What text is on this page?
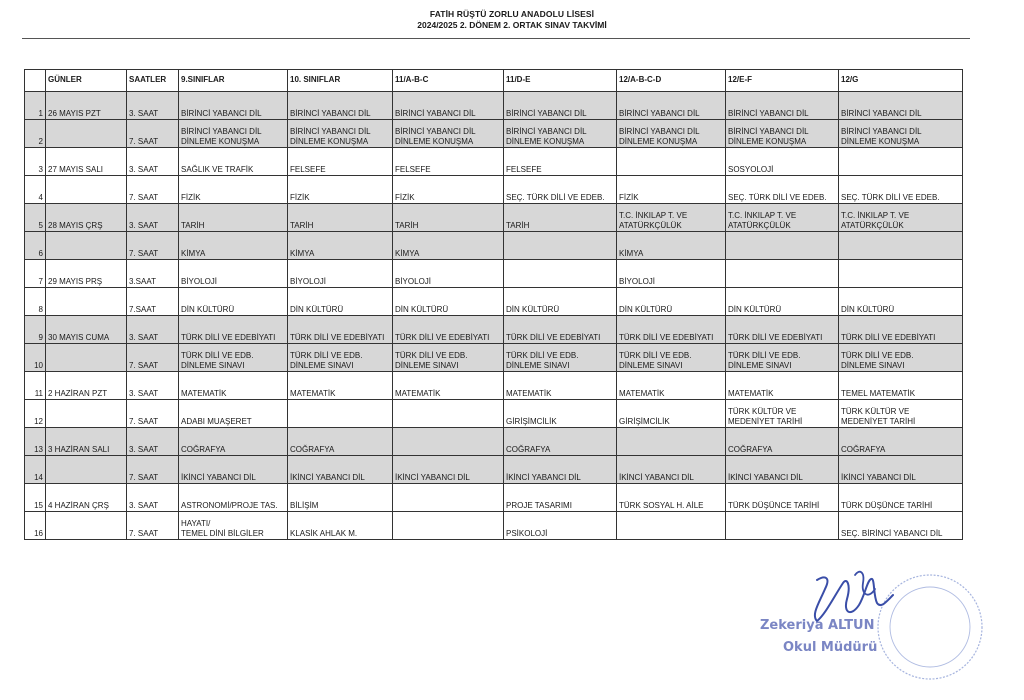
FATİH RÜŞTÜ ZORLU ANADOLU LİSESİ
2024/2025 2. DÖNEM 2. ORTAK SINAV TAKVİMİ
	GÜNLER	SAATLER	9.SINIFLAR	10. SINIFLAR	11/A-B-C	11/D-E	12/A-B-C-D	12/E-F	12/G

1	26 MAYIS PZT	3. SAAT	BİRİNCİ YABANCI DİL	BİRİNCİ YABANCI DİL	BİRİNCİ YABANCI DİL	BİRİNCİ YABANCI DİL	BİRİNCİ YABANCI DİL	BİRİNCİ YABANCI DİL	BİRİNCİ YABANCI DİL

2		7. SAAT	BİRİNCİ YABANCI DİL
DİNLEME KONUŞMA	BİRİNCİ YABANCI DİL
DİNLEME KONUŞMA	BİRİNCİ YABANCI DİL
DİNLEME KONUŞMA	BİRİNCİ YABANCI DİL
DİNLEME KONUŞMA	BİRİNCİ YABANCI DİL
DİNLEME KONUŞMA	BİRİNCİ YABANCI DİL
DİNLEME KONUŞMA	BİRİNCİ YABANCI DİL
DİNLEME KONUŞMA

3	27 MAYIS SALI	3. SAAT	SAĞLIK VE TRAFİK	FELSEFE	FELSEFE	FELSEFE		SOSYOLOJİ	

4		7. SAAT	FİZİK	FİZİK	FİZİK	SEÇ. TÜRK DİLİ VE EDEB.	FİZİK	SEÇ. TÜRK DİLİ VE EDEB.	SEÇ. TÜRK DİLİ VE EDEB.

5	28 MAYIS ÇRŞ	3. SAAT	TARİH	TARİH	TARİH	TARİH	T.C. İNKILAP T. VE
ATATÜRKÇÜLÜK	T.C. İNKILAP T. VE
ATATÜRKÇÜLÜK	T.C. İNKILAP T. VE
ATATÜRKÇÜLÜK

6		7. SAAT	KİMYA	KİMYA	KİMYA		KİMYA		

7	29 MAYIS PRŞ	3.SAAT	BİYOLOJİ	BİYOLOJİ	BİYOLOJİ		BİYOLOJİ		

8		7.SAAT	DİN KÜLTÜRÜ	DİN KÜLTÜRÜ	DİN KÜLTÜRÜ	DİN KÜLTÜRÜ	DİN KÜLTÜRÜ	DİN KÜLTÜRÜ	DİN KÜLTÜRÜ

9	30 MAYIS CUMA	3. SAAT	TÜRK DİLİ VE EDEBİYATI	TÜRK DİLİ VE EDEBİYATI	TÜRK DİLİ VE EDEBİYATI	TÜRK DİLİ VE EDEBİYATI	TÜRK DİLİ VE EDEBİYATI	TÜRK DİLİ VE EDEBİYATI	TÜRK DİLİ VE EDEBİYATI

10		7. SAAT	TÜRK DİLİ VE EDB.
DİNLEME SINAVI	TÜRK DİLİ VE EDB.
DİNLEME SINAVI	TÜRK DİLİ VE EDB.
DİNLEME SINAVI	TÜRK DİLİ VE EDB.
DİNLEME SINAVI	TÜRK DİLİ VE EDB.
DİNLEME SINAVI	TÜRK DİLİ VE EDB.
DİNLEME SINAVI	TÜRK DİLİ VE EDB.
DİNLEME SINAVI

11	2 HAZİRAN PZT	3. SAAT	MATEMATİK	MATEMATİK	MATEMATİK	MATEMATİK	MATEMATİK	MATEMATİK	TEMEL MATEMATİK

12		7. SAAT	ADABI MUAŞERET			GİRİŞİMCİLİK	GİRİŞİMCİLİK	TÜRK KÜLTÜR VE
MEDENİYET TARİHİ	TÜRK KÜLTÜR VE
MEDENİYET TARİHİ

13	3 HAZİRAN SALI	3. SAAT	COĞRAFYA	COĞRAFYA		COĞRAFYA		COĞRAFYA	COĞRAFYA

14		7. SAAT	İKİNCİ YABANCI DİL	İKİNCİ YABANCI DİL	İKİNCİ YABANCI DİL	İKİNCİ YABANCI DİL	İKİNCİ YABANCI DİL	İKİNCİ YABANCI DİL	İKİNCİ YABANCI DİL

15	4 HAZİRAN ÇRŞ	3. SAAT	ASTRONOMİ/PROJE TAS.	BİLİŞİM		PROJE TASARIMI	TÜRK SOSYAL H. AİLE	TÜRK DÜŞÜNCE TARİHİ	TÜRK DÜŞÜNCE TARİHİ

16		7. SAAT	HAYATI/
TEMEL DİNİ BİLGİLER	KLASİK AHLAK M.		PSİKOLOJİ			SEÇ. BİRİNCİ YABANCI DİL
Zekeriya ALTUN
Okul Müdürü
